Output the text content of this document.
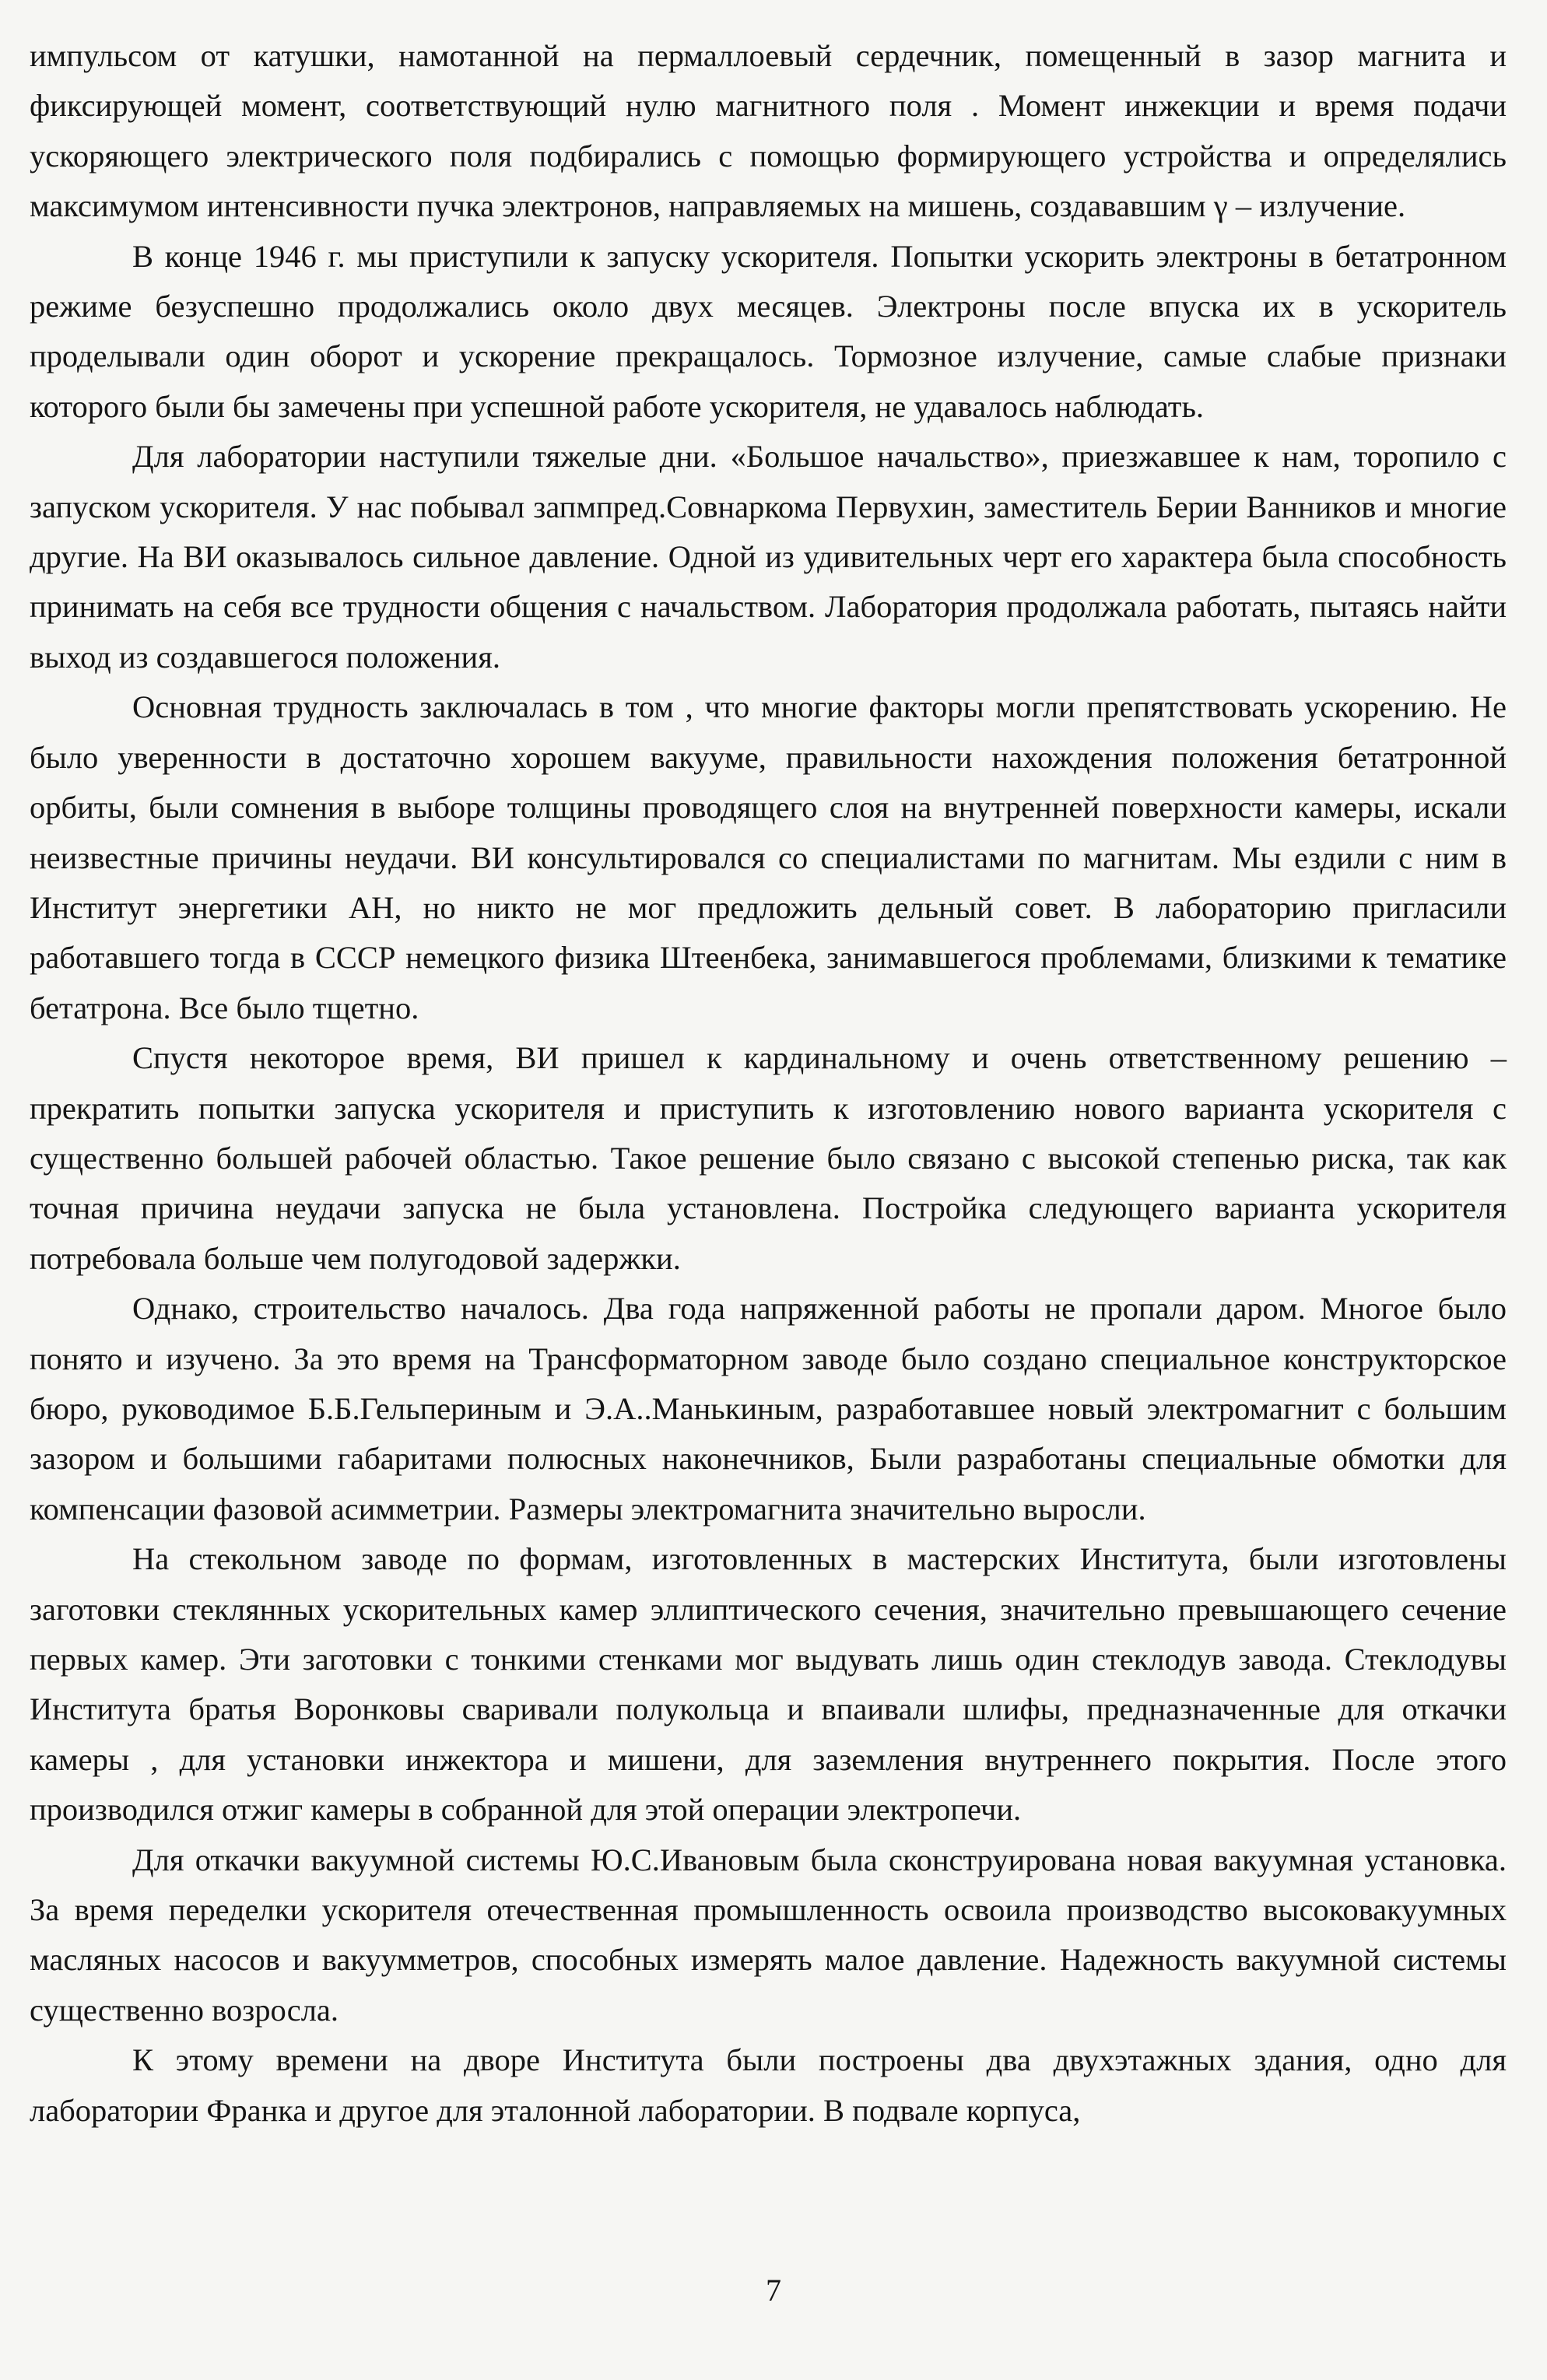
импульсом от катушки, намотанной на пермаллоевый сердечник, помещенный в зазор магнита и фиксирующей момент, соответствующий нулю магнитного поля . Момент инжекции и время подачи ускоряющего электрического поля подбирались с помощью формирующего устройства и определялись максимумом интенсивности пучка электронов, направляемых на мишень, создававшим γ – излучение.

В конце 1946 г. мы приступили к запуску ускорителя. Попытки ускорить электроны в бетатронном режиме безуспешно продолжались около двух месяцев. Электроны после впуска их в ускоритель проделывали один оборот и ускорение прекращалось. Тормозное излучение, самые слабые признаки которого были бы замечены при успешной работе ускорителя, не удавалось наблюдать.

Для лаборатории наступили тяжелые дни. «Большое начальство», приезжавшее к нам, торопило с запуском ускорителя. У нас побывал запмпред.Совнаркома Первухин, заместитель Берии Ванников и многие другие. На ВИ оказывалось сильное давление. Одной из удивительных черт его характера была способность принимать на себя все трудности общения с начальством. Лаборатория продолжала работать, пытаясь найти выход из создавшегося положения.

Основная трудность заключалась в том , что многие факторы могли препятствовать ускорению. Не было уверенности в достаточно хорошем вакууме, правильности нахождения положения бетатронной орбиты, были сомнения в выборе толщины проводящего слоя на внутренней поверхности камеры, искали неизвестные причины неудачи. ВИ консультировался со специалистами по магнитам. Мы ездили с ним в Институт энергетики АН, но никто не мог предложить дельный совет. В лабораторию пригласили работавшего тогда в СССР немецкого физика Штеенбека, занимавшегося проблемами, близкими к тематике бетатрона. Все было тщетно.

Спустя некоторое время, ВИ пришел к кардинальному и очень ответственному решению – прекратить попытки запуска ускорителя и приступить к изготовлению нового варианта ускорителя с существенно большей рабочей областью. Такое решение было связано с высокой степенью риска, так как точная причина неудачи запуска не была установлена. Постройка следующего варианта ускорителя потребовала больше чем полугодовой задержки.

Однако, строительство началось. Два года напряженной работы не пропали даром. Многое было понято и изучено. За это время на Трансформаторном заводе было создано специальное конструкторское бюро, руководимое Б.Б.Гельпериным и Э.А..Манькиным, разработавшее новый электромагнит с большим зазором и большими габаритами полюсных наконечников, Были разработаны специальные обмотки для компенсации фазовой асимметрии. Размеры электромагнита значительно выросли.

На стекольном заводе по формам, изготовленных в мастерских Института, были изготовлены заготовки стеклянных ускорительных камер эллиптического сечения, значительно превышающего сечение первых камер. Эти заготовки с тонкими стенками мог выдувать лишь один стеклодув завода. Стеклодувы Института братья Воронковы сваривали полукольца и впаивали шлифы, предназначенные для откачки камеры , для установки инжектора и мишени, для заземления внутреннего покрытия. После этого производился отжиг камеры в собранной для этой операции электропечи.

Для откачки вакуумной системы Ю.С.Ивановым была сконструирована новая вакуумная установка. За время переделки ускорителя отечественная промышленность освоила производство высоковакуумных масляных насосов и вакуумметров, способных измерять малое давление. Надежность вакуумной системы существенно возросла.

К этому времени на дворе Института были построены два двухэтажных здания, одно для лаборатории Франка и другое для эталонной лаборатории. В подвале корпуса,

7
